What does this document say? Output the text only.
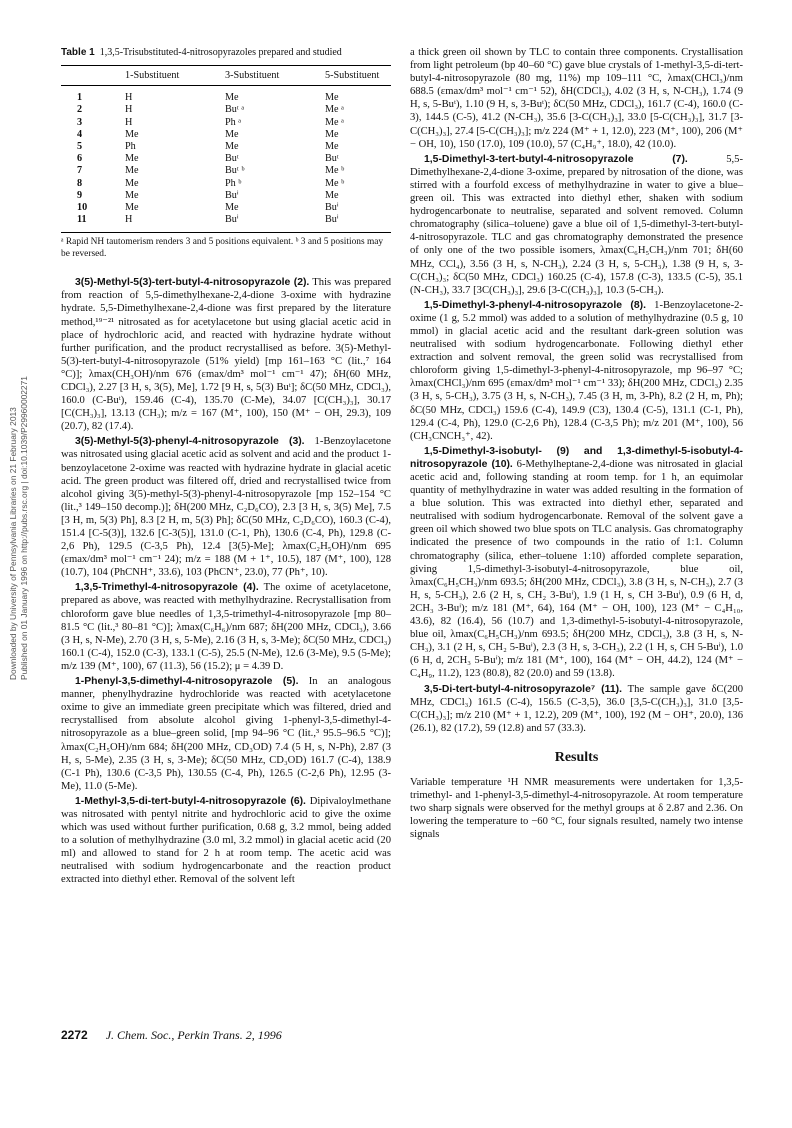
Downloaded by University of Pennsylvania Libraries on 21 February 2013 Published on 01 January 1996 on http://pubs.rsc.org | doi:10.1039/P29960002271
Table 1 1,3,5-Trisubstituted-4-nitrosopyrazoles prepared and studied
	1-Substituent	3-Substituent	5-Substituent
1	H	Me	Me
2	H	Buᵗ ᵃ	Me ᵃ
3	H	Ph ᵃ	Me ᵃ
4	Me	Me	Me
5	Ph	Me	Me
6	Me	Buᵗ	Buᵗ
7	Me	Buᵗ ᵇ	Me ᵇ
8	Me	Ph ᵇ	Me ᵇ
9	Me	Buⁱ	Me
10	Me	Me	Buⁱ
11	H	Buⁱ	Buⁱ
ᵃ Rapid NH tautomerism renders 3 and 5 positions equivalent. ᵇ 3 and 5 positions may be reversed.

3(5)-Methyl-5(3)-tert-butyl-4-nitrosopyrazole (2). This was prepared from reaction of 5,5-dimethylhexane-2,4-dione 3-oxime with hydrazine hydrate. 5,5-Dimethylhexane-2,4-dione was first prepared by the literature method,¹⁹⁻²¹ nitrosated as for acetylacetone but using glacial acetic acid in place of hydrochloric acid, and reacted with hydrazine hydrate without further purification, and the product recrystallised as before. 3(5)-Methyl-5(3)-tert-butyl-4-nitrosopyrazole (51% yield) [mp 161–163 °C (lit.,⁷ 164 °C)]; λmax(CH₃OH)/nm 676 (εmax/dm³ mol⁻¹ cm⁻¹ 47); δH(60 MHz, CDCl₃), 2.27 [3 H, s, 3(5), Me], 1.72 [9 H, s, 5(3) Buᵗ]; δC(50 MHz, CDCl₃), 160.0 (C-Buᵗ), 159.46 (C-4), 135.70 (C-Me), 34.07 [C(CH₃)₃], 30.17 [C(CH₃)₃], 13.13 (CH₃); m/z = 167 (M⁺, 100), 150 (M⁺ − OH, 29.3), 109 (20.7), 82 (17.4).

3(5)-Methyl-5(3)-phenyl-4-nitrosopyrazole (3). 1-Benzoylacetone was nitrosated using glacial acetic acid as solvent and acid and the product 1-benzoylacetone 2-oxime was reacted with hydrazine hydrate in glacial acetic acid. The green product was filtered off, dried and recrystallised twice from alcohol giving 3(5)-methyl-5(3)-phenyl-4-nitrosopyrazole [mp 152–154 °C (lit.,³ 149–150 decomp.)]; δH(200 MHz, C₂D₆CO), 2.3 [3 H, s, 3(5) Me], 7.5 [3 H, m, 5(3) Ph], 8.3 [2 H, m, 5(3) Ph]; δC(50 MHz, C₂D₆CO), 160.3 (C-4), 151.4 [C-5(3)], 132.6 [C-3(5)], 131.0 (C-1, Ph), 130.6 (C-4, Ph), 129.8 (C-2,6 Ph), 129.5 (C-3,5 Ph), 12.4 [3(5)-Me]; λmax(C₂H₅OH)/nm 695 (εmax/dm³ mol⁻¹ cm⁻¹ 24); m/z = 188 (M + 1⁺, 10.5), 187 (M⁺, 100), 128 (10.7), 104 (PhCNH⁺, 33.6), 103 (PhCN⁺, 23.0), 77 (Ph⁺, 10).

1,3,5-Trimethyl-4-nitrosopyrazole (4). The oxime of acetylacetone, prepared as above, was reacted with methylhydrazine. Recrystallisation from chloroform gave blue needles of 1,3,5-trimethyl-4-nitrosopyrazole [mp 80–81.5 °C (lit.,³ 80–81 °C)]; λmax(C₆H₆)/nm 687; δH(200 MHz, CDCl₃), 3.66 (3 H, s, N-Me), 2.70 (3 H, s, 5-Me), 2.16 (3 H, s, 3-Me); δC(50 MHz, CDCl₃) 160.1 (C-4), 152.0 (C-3), 133.1 (C-5), 25.5 (N-Me), 12.6 (3-Me), 9.5 (5-Me); m/z 139 (M⁺, 100), 67 (11.3), 56 (15.2); μ = 4.39 D.

1-Phenyl-3,5-dimethyl-4-nitrosopyrazole (5). In an analogous manner, phenylhydrazine hydrochloride was reacted with acetylacetone oxime to give an immediate green precipitate which was filtered, dried and recrystallised from absolute alcohol giving 1-phenyl-3,5-dimethyl-4-nitrosopyrazole as a blue–green solid, [mp 94–96 °C (lit.,³ 95.5–96.5 °C)]; λmax(C₂H₅OH)/nm 684; δH(200 MHz, CD₃OD) 7.4 (5 H, s, N-Ph), 2.87 (3 H, s, 5-Me), 2.35 (3 H, s, 3-Me); δC(50 MHz, CD₃OD) 161.7 (C-4), 138.9 (C-1 Ph), 130.6 (C-3,5 Ph), 130.55 (C-4, Ph), 126.5 (C-2,6 Ph), 12.95 (3-Me), 11.0 (5-Me).

1-Methyl-3,5-di-tert-butyl-4-nitrosopyrazole (6). Dipivaloylmethane was nitrosated with pentyl nitrite and hydrochloric acid to give the oxime which was used without further purification, 0.68 g, 3.2 mmol, being added to a solution of methylhydrazine (3.0 ml, 3.2 mmol) in glacial acetic acid (20 ml) and allowed to stand for 2 h at room temp. The acetic acid was neutralised with sodium hydrogencarbonate and the reaction product extracted into diethyl ether. Removal of the solvent left

a thick green oil shown by TLC to contain three components. Crystallisation from light petroleum (bp 40–60 °C) gave blue crystals of 1-methyl-3,5-di-tert-butyl-4-nitrosopyrazole (80 mg, 11%) mp 109–111 °C, λmax(CHCl₃)/nm 688.5 (εmax/dm³ mol⁻¹ cm⁻¹ 52), δH(CDCl₃), 4.02 (3 H, s, N-CH₃), 1.74 (9 H, s, 5-Buᵗ), 1.10 (9 H, s, 3-Buᵗ); δC(50 MHz, CDCl₃), 161.7 (C-4), 160.0 (C-3), 144.5 (C-5), 41.2 (N-CH₃), 35.6 [3-C(CH₃)₃], 33.0 [5-C(CH₃)₃], 31.7 [3-C(CH₃)₃], 27.4 [5-C(CH₃)₃]; m/z 224 (M⁺ + 1, 12.0), 223 (M⁺, 100), 206 (M⁺ − OH, 10), 150 (17.0), 109 (10.0), 57 (C₄H₉⁺, 18.0), 42 (10.0).

1,5-Dimethyl-3-tert-butyl-4-nitrosopyrazole (7). 5,5-Dimethylhexane-2,4-dione 3-oxime, prepared by nitrosation of the dione, was stirred with a fourfold excess of methylhydrazine in water to give a blue–green oil. This was extracted into diethyl ether, shaken with sodium hydrogencarbonate to neutralise, separated and solvent removed. Column chromatography (silica–toluene) gave a blue oil of 1,5-dimethyl-3-tert-butyl-4-nitrosopyrazole. TLC and gas chromatography demonstrated the presence of only one of the two possible isomers, λmax(C₆H₅CH₃)/nm 701; δH(60 MHz, CCl₄), 3.56 (3 H, s, N-CH₃), 2.24 (3 H, s, 5-CH₃), 1.38 (9 H, s, 3-C(CH₃)₃; δC(50 MHz, CDCl₃) 160.25 (C-4), 157.8 (C-3), 133.5 (C-5), 35.1 (N-CH₃), 33.7 [3C(CH₃)₃], 29.6 [3-C(CH₃)₃], 10.3 (5-CH₃).

1,5-Dimethyl-3-phenyl-4-nitrosopyrazole (8). 1-Benzoylacetone-2-oxime (1 g, 5.2 mmol) was added to a solution of methylhydrazine (0.5 g, 10 mmol) in glacial acetic acid and the resultant dark-green solution was neutralised with sodium hydrogencarbonate. Following diethyl ether extraction and solvent removal, the green solid was recrystallised from chloroform giving 1,5-dimethyl-3-phenyl-4-nitrosopyrazole, mp 96–97 °C; λmax(CHCl₃)/nm 695 (εmax/dm³ mol⁻¹ cm⁻¹ 33); δH(200 MHz, CDCl₃) 2.35 (3 H, s, 5-CH₃), 3.75 (3 H, s, N-CH₃), 7.45 (3 H, m, 3-Ph), 8.2 (2 H, m, Ph); δC(50 MHz, CDCl₃) 159.6 (C-4), 149.9 (C3), 130.4 (C-5), 131.1 (C-1, Ph), 129.4 (C-4, Ph), 129.0 (C-2,6 Ph), 128.4 (C-3,5 Ph); m/z 201 (M⁺, 100), 56 (CH₃CNCH₃⁺, 42).

1,5-Dimethyl-3-isobutyl- (9) and 1,3-dimethyl-5-isobutyl-4-nitrosopyrazole (10). 6-Methylheptane-2,4-dione was nitrosated in glacial acetic acid and, following standing at room temp. for 1 h, an equimolar quantity of methylhydrazine in water was added resulting in the formation of a blue solution. This was extracted into diethyl ether, separated and neutralised with sodium hydrogencarbonate. Removal of the solvent gave a green oil which showed two blue spots on TLC analysis. Gas chromatography indicated the presence of two compounds in the ratio of 1:1. Column chromatography (silica, ether–toluene 1:10) afforded complete separation, giving 1,5-dimethyl-3-isobutyl-4-nitrosopyrazole, blue oil, λmax(C₆H₅CH₃)/nm 693.5; δH(200 MHz, CDCl₃), 3.8 (3 H, s, N-CH₃), 2.7 (3 H, s, 5-CH₃), 2.6 (2 H, s, CH₂ 3-Buⁱ), 1.9 (1 H, s, CH 3-Buⁱ), 0.9 (6 H, d, 2CH₃ 3-Buⁱ); m/z 181 (M⁺, 64), 164 (M⁺ − OH, 100), 123 (M⁺ − C₄H₁₀, 43.6), 82 (16.4), 56 (10.7) and 1,3-dimethyl-5-isobutyl-4-nitrosopyrazole, blue oil, λmax(C₆H₅CH₃)/nm 693.5; δH(200 MHz, CDCl₃), 3.8 (3 H, s, N-CH₃), 3.1 (2 H, s, CH₂ 5-Buⁱ), 2.3 (3 H, s, 3-CH₃), 2.2 (1 H, s, CH 5-Buⁱ), 1.0 (6 H, d, 2CH₃ 5-Buⁱ); m/z 181 (M⁺, 100), 164 (M⁺ − OH, 44.2), 124 (M⁺ − C₄H₉, 11.2), 123 (80.8), 82 (20.0) and 59 (13.8).

3,5-Di-tert-butyl-4-nitrosopyrazole⁷ (11). The sample gave δC(200 MHz, CDCl₃) 161.5 (C-4), 156.5 (C-3,5), 36.0 [3,5-C(CH₃)₃], 31.0 [3,5-C(CH₃)₃]; m/z 210 (M⁺ + 1, 12.2), 209 (M⁺, 100), 192 (M − OH⁺, 20.0), 136 (26.1), 82 (17.2), 59 (12.8) and 57 (33.3).

Results

Variable temperature ¹H NMR measurements were undertaken for 1,3,5-trimethyl- and 1-phenyl-3,5-dimethyl-4-nitrosopyrazole. At room temperature two sharp signals were observed for the methyl groups at δ 2.87 and 2.36. On lowering the temperature to −60 °C, four signals resulted, namely two intense signals

2272 J. Chem. Soc., Perkin Trans. 2, 1996
